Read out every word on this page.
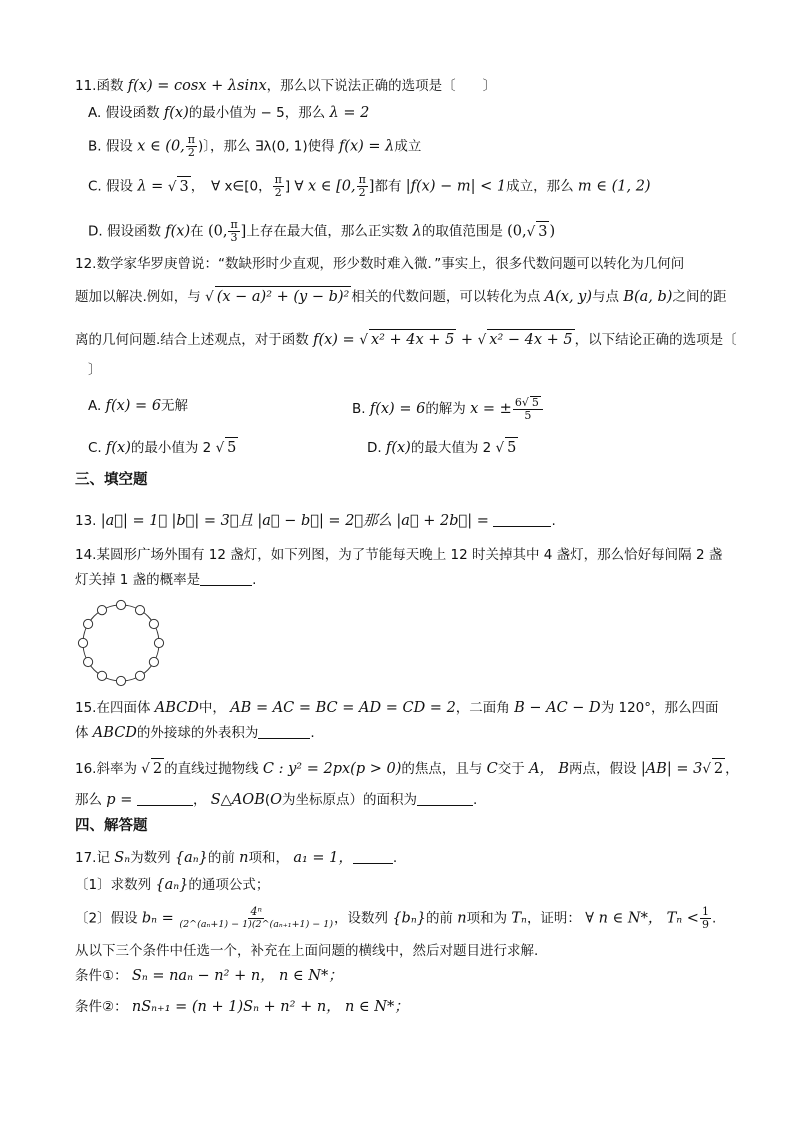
11.函数 f(x) = cosx + λsinx，那么以下说法正确的选项是〔　　〕
A. 假设函数 f(x)的最小值为 − 5，那么 λ = 2
B. 假设 x ∈ (0, $\frac{\pi}{2}$ )〕，那么 ∃λ(0, 1)使得 f(x) = λ成立
C. 假设 λ = √ 3 ，　∀ x∈[0， $\frac{\pi}{2}$ ] ∀ x ∈ [0, $\frac{\pi}{2}$ ]都有 |f(x) − m| < 1成立，那么 m ∈ (1, 2)
D. 假设函数 f(x)在 (0, $\frac{\pi}{3}$ ]上存在最大值，那么正实数 λ的取值范围是 (0, √ 3 )
12.数学家华罗庚曾说：“数缺形时少直观，形少数时难入微．”事实上，很多代数问题可以转化为几何问
题加以解决.例如，与 √ (x − a)² + (y − b)² 相关的代数问题，可以转化为点 A(x, y)与点 B(a, b)之间的距
离的几何问题.结合上述观点，对于函数 f(x) = √ x² + 4x + 5 + √ x² − 4x + 5 ，以下结论正确的选项是〔
〕
A. f(x) = 6无解	B. f(x) = 6的解为 x = ± $\frac{6 √ 5}{5}$
C. f(x)的最小值为 2 √ 5	D. f(x)的最大值为 2 √ 5
三、填空题
13. |a⃗| = 1， |b⃗| = 3，且 |a⃗ − b⃗| = 2，那么 |a⃗ + 2b⃗| =	.
14.某圆形广场外围有 12 盏灯，如下列图，为了节能每天晚上 12 时关掉其中 4 盏灯，那么恰好每间隔 2 盏
灯关掉 1 盏的概率是	.
15.在四面体 ABCD中， AB = AC = BC = AD = CD = 2，二面角 B − AC − D为 120°，那么四面
体 ABCD的外接球的外表积为	.
16.斜率为 √ 2 的直线过抛物线 C : y² = 2px(p > 0)的焦点，且与 C交于 A， B两点，假设 |AB| = 3 √ 2 ，
那么 p =	， S△AOB(O为坐标原点）的面积为	.
四、解答题
17.记 Sₙ为数列 {aₙ}的前 n项和， a₁ = 1，	.
〔1〕求数列 {aₙ}的通项公式；
〔2〕假设 $b_n = \frac{\text{4ⁿ}}{\text{(2\textasciicircum{}(aₙ+1) − 1)(2\textasciicircum{}(aₙ₊₁+1) − 1)}}$ ，设数列 {bₙ}的前 n项和为 Tₙ，证明： ∀ n ∈ N*， $T_n < \frac{1}{9}$ .
从以下三个条件中任选一个，补充在上面问题的横线中，然后对题目进行求解.
条件①： Sₙ = naₙ − n² + n， n ∈ N*；
条件②： nSₙ₊₁ = (n + 1)Sₙ + n² + n， n ∈ N*；
